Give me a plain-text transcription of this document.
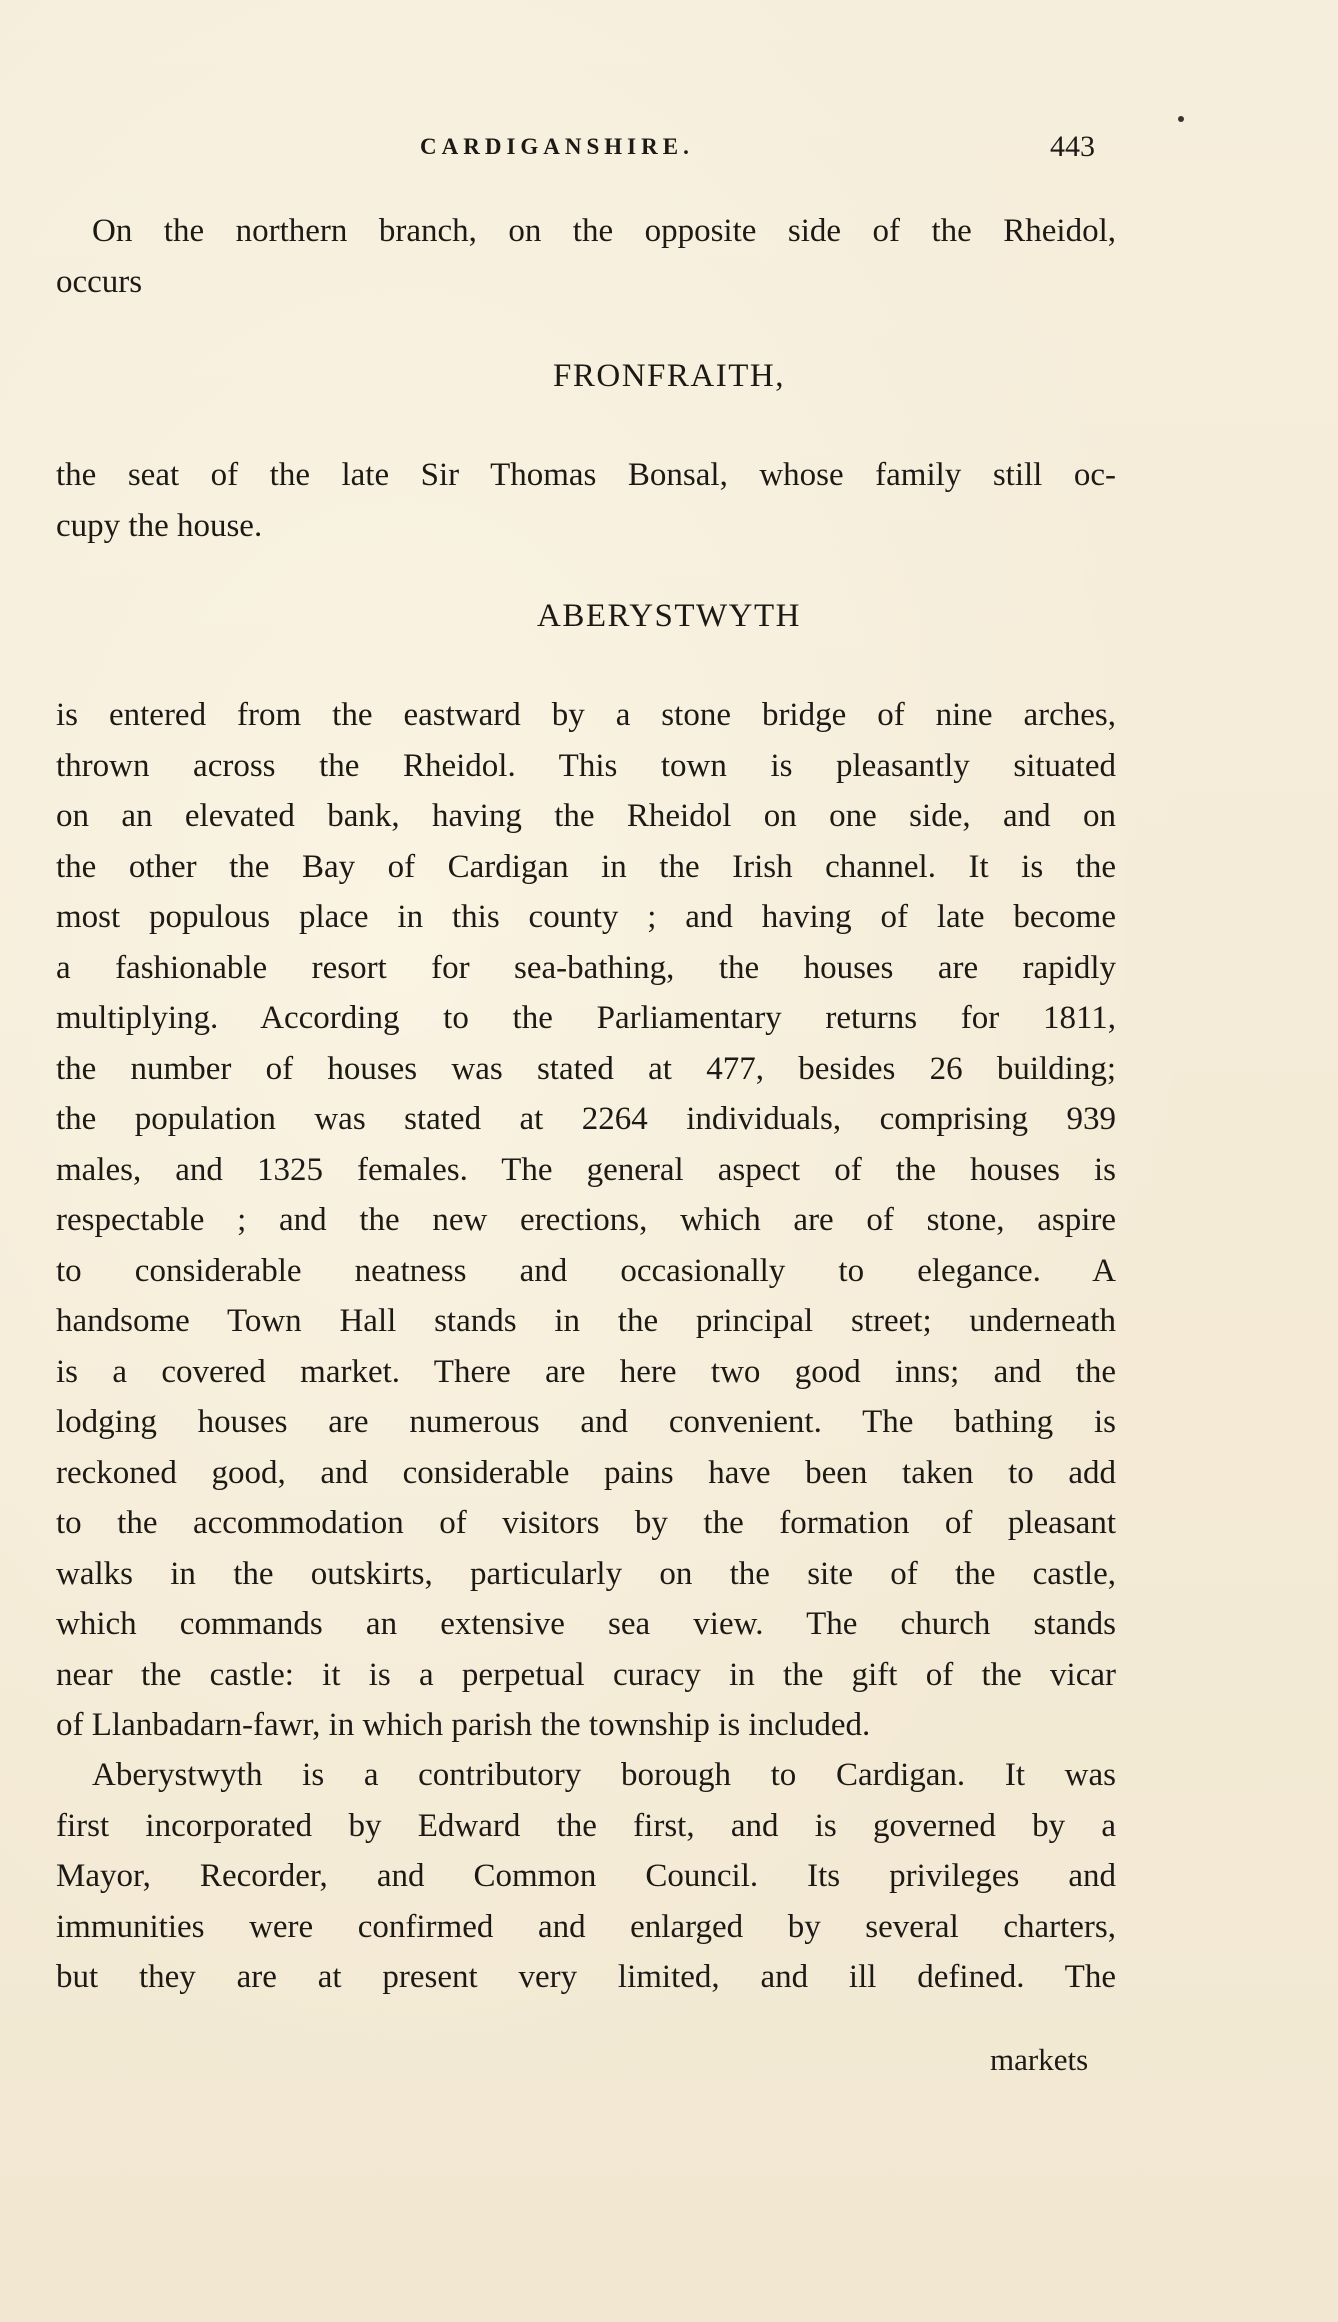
CARDIGANSHIRE.	443
On the northern branch, on the opposite side of the Rheidol,
occurs
FRONFRAITH,
the seat of the late Sir Thomas Bonsal, whose family still oc-
cupy the house.
ABERYSTWYTH
is entered from the eastward by a stone bridge of nine arches,
thrown across the Rheidol. This town is pleasantly situated
on an elevated bank, having the Rheidol on one side, and on
the other the Bay of Cardigan in the Irish channel. It is the
most populous place in this county ; and having of late become
a fashionable resort for sea-bathing, the houses are rapidly
multiplying. According to the Parliamentary returns for 1811,
the number of houses was stated at 477, besides 26 building;
the population was stated at 2264 individuals, comprising 939
males, and 1325 females. The general aspect of the houses is
respectable ; and the new erections, which are of stone, aspire
to considerable neatness and occasionally to elegance. A
handsome Town Hall stands in the principal street; underneath
is a covered market. There are here two good inns; and the
lodging houses are numerous and convenient. The bathing is
reckoned good, and considerable pains have been taken to add
to the accommodation of visitors by the formation of pleasant
walks in the outskirts, particularly on the site of the castle,
which commands an extensive sea view. The church stands
near the castle: it is a perpetual curacy in the gift of the vicar
of Llanbadarn-fawr, in which parish the township is included.
Aberystwyth is a contributory borough to Cardigan. It was
first incorporated by Edward the first, and is governed by a
Mayor, Recorder, and Common Council. Its privileges and
immunities were confirmed and enlarged by several charters,
but they are at present very limited, and ill defined. The
markets
